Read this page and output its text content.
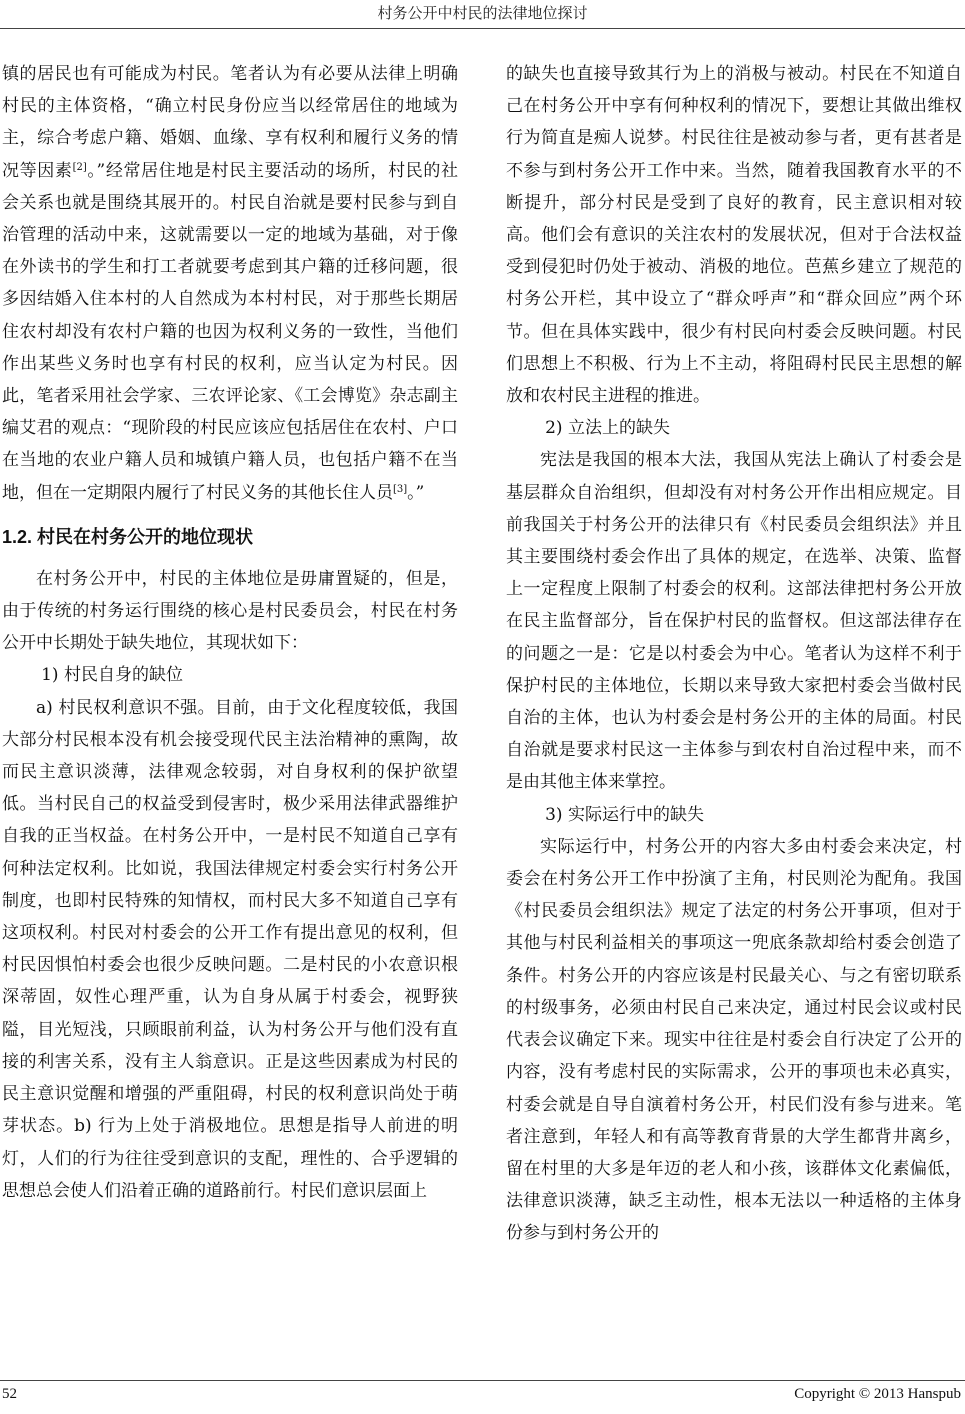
村务公开中村民的法律地位探讨

镇的居民也有可能成为村民。笔者认为有必要从法律上明确村民的主体资格，“确立村民身份应当以经常居住的地域为主，综合考虑户籍、婚姻、血缘、享有权利和履行义务的情况等因素[2]。”经常居住地是村民主要活动的场所，村民的社会关系也就是围绕其展开的。村民自治就是要村民参与到自治管理的活动中来，这就需要以一定的地域为基础，对于像在外读书的学生和打工者就要考虑到其户籍的迁移问题，很多因结婚入住本村的人自然成为本村村民，对于那些长期居住农村却没有农村户籍的也因为权利义务的一致性，当他们作出某些义务时也享有村民的权利，应当认定为村民。因此，笔者采用社会学家、三农评论家、《工会博览》杂志副主编艾君的观点：“现阶段的村民应该应包括居住在农村、户口在当地的农业户籍人员和城镇户籍人员，也包括户籍不在当地，但在一定期限内履行了村民义务的其他长住人员[3]。”

1.2. 村民在村务公开的地位现状

在村务公开中，村民的主体地位是毋庸置疑的，但是，由于传统的村务运行围绕的核心是村民委员会，村民在村务公开中长期处于缺失地位，其现状如下：

1) 村民自身的缺位

a) 村民权利意识不强。目前，由于文化程度较低，我国大部分村民根本没有机会接受现代民主法治精神的熏陶，故而民主意识淡薄，法律观念较弱，对自身权利的保护欲望低。当村民自己的权益受到侵害时，极少采用法律武器维护自我的正当权益。在村务公开中，一是村民不知道自己享有何种法定权利。比如说，我国法律规定村委会实行村务公开制度，也即村民特殊的知情权，而村民大多不知道自己享有这项权利。村民对村委会的公开工作有提出意见的权利，但村民因惧怕村委会也很少反映问题。二是村民的小农意识根深蒂固，奴性心理严重，认为自身从属于村委会，视野狭隘，目光短浅，只顾眼前利益，认为村务公开与他们没有直接的利害关系，没有主人翁意识。正是这些因素成为村民的民主意识觉醒和增强的严重阻碍，村民的权利意识尚处于萌芽状态。b) 行为上处于消极地位。思想是指导人前进的明灯，人们的行为往往受到意识的支配，理性的、合乎逻辑的思想总会使人们沿着正确的道路前行。村民们意识层面上

的缺失也直接导致其行为上的消极与被动。村民在不知道自己在村务公开中享有何种权利的情况下，要想让其做出维权行为简直是痴人说梦。村民往往是被动参与者，更有甚者是不参与到村务公开工作中来。当然，随着我国教育水平的不断提升，部分村民是受到了良好的教育，民主意识相对较高。他们会有意识的关注农村的发展状况，但对于合法权益受到侵犯时仍处于被动、消极的地位。芭蕉乡建立了规范的村务公开栏，其中设立了“群众呼声”和“群众回应”两个环节。但在具体实践中，很少有村民向村委会反映问题。村民们思想上不积极、行为上不主动，将阻碍村民民主思想的解放和农村民主进程的推进。

2) 立法上的缺失

宪法是我国的根本大法，我国从宪法上确认了村委会是基层群众自治组织，但却没有对村务公开作出相应规定。目前我国关于村务公开的法律只有《村民委员会组织法》并且其主要围绕村委会作出了具体的规定，在选举、决策、监督上一定程度上限制了村委会的权利。这部法律把村务公开放在民主监督部分，旨在保护村民的监督权。但这部法律存在的问题之一是：它是以村委会为中心。笔者认为这样不利于保护村民的主体地位，长期以来导致大家把村委会当做村民自治的主体，也认为村委会是村务公开的主体的局面。村民自治就是要求村民这一主体参与到农村自治过程中来，而不是由其他主体来掌控。

3) 实际运行中的缺失

实际运行中，村务公开的内容大多由村委会来决定，村委会在村务公开工作中扮演了主角，村民则沦为配角。我国《村民委员会组织法》规定了法定的村务公开事项，但对于其他与村民利益相关的事项这一兜底条款却给村委会创造了条件。村务公开的内容应该是村民最关心、与之有密切联系的村级事务，必须由村民自己来决定，通过村民会议或村民代表会议确定下来。现实中往往是村委会自行决定了公开的内容，没有考虑村民的实际需求，公开的事项也未必真实，村委会就是自导自演着村务公开，村民们没有参与进来。笔者注意到，年轻人和有高等教育背景的大学生都背井离乡，留在村里的大多是年迈的老人和小孩，该群体文化素偏低，法律意识淡薄，缺乏主动性，根本无法以一种适格的主体身份参与到村务公开的

52	Copyright © 2013 Hanspub
